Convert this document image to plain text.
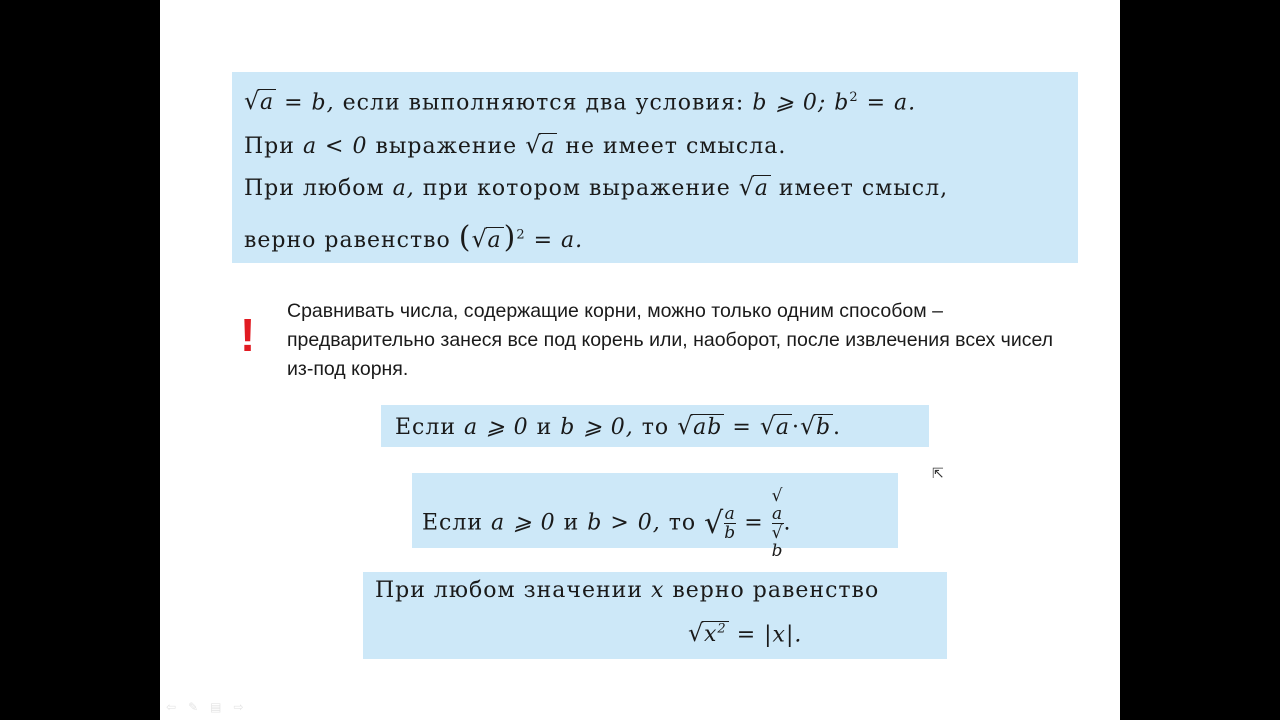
√ a = b, если выполняются два условия: b ⩾ 0; $b^2 = a$.
При a < 0 выражение √ a не имеет смысла.
При любом a, при котором выражение √ a имеет смысл,
верно равенство ( √ a)$^2$ = a.
! Сравнивать числа, содержащие корни, можно только одним способом – предварительно занеся все под корень или, наоборот, после извлечения всех чисел из-под корня.
Если a ⩾ 0 и b ⩾ 0, то √ ab = √ a· √ b.
Если a ⩾ 0 и b > 0, то √ $\frac{a}{b}$ = √
a
√
b .
При любом значении x верно равенство
√ $x^2 = |x|$.
⇱
⇦ ✎ ▤ ⇨
